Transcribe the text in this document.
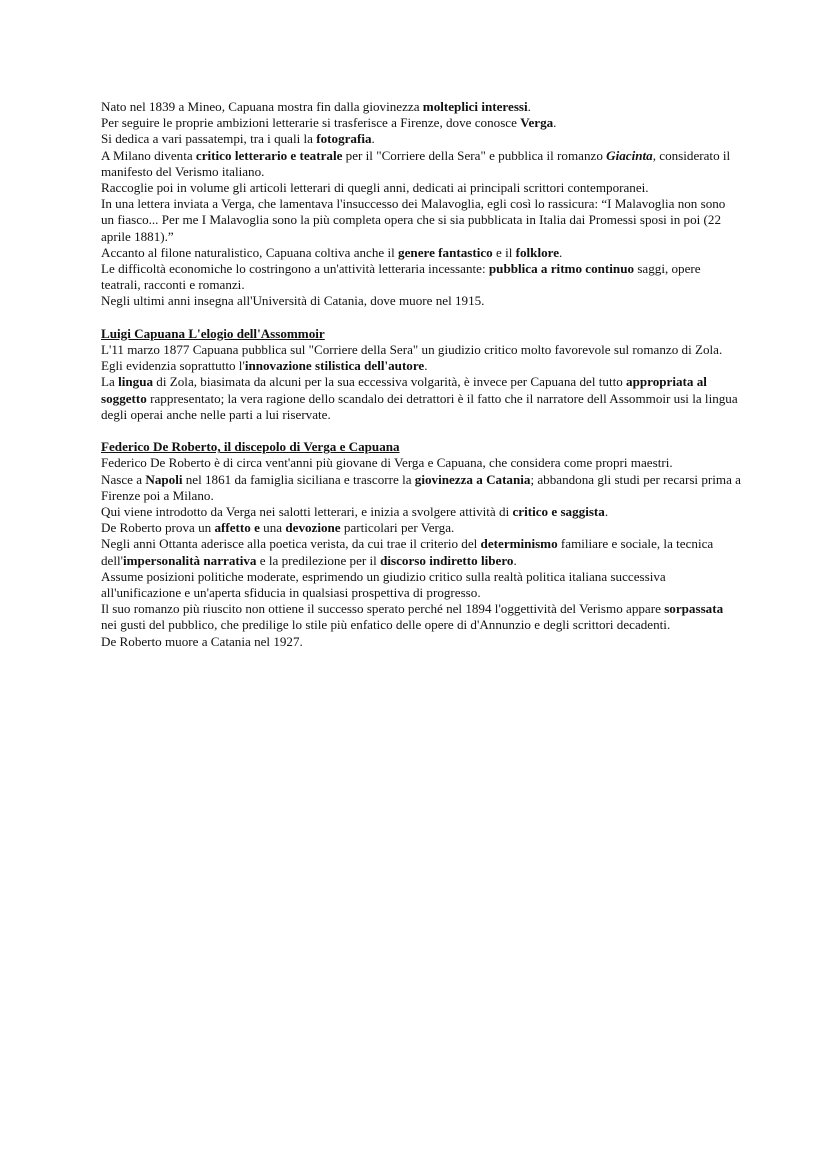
Nato nel 1839 a Mineo, Capuana mostra fin dalla giovinezza molteplici interessi.
Per seguire le proprie ambizioni letterarie si trasferisce a Firenze, dove conosce Verga.
Si dedica a vari passatempi, tra i quali la fotografia.
A Milano diventa critico letterario e teatrale per il "Corriere della Sera" e pubblica il romanzo Giacinta, considerato il manifesto del Verismo italiano.
Raccoglie poi in volume gli articoli letterari di quegli anni, dedicati ai principali scrittori contemporanei.
In una lettera inviata a Verga, che lamentava l'insuccesso dei Malavoglia, egli così lo rassicura: “I Malavoglia non sono un fiasco... Per me I Malavoglia sono la più completa opera che si sia pubblicata in Italia dai Promessi sposi in poi (22 aprile 1881).”
Accanto al filone naturalistico, Capuana coltiva anche il genere fantastico e il folklore.
Le difficoltà economiche lo costringono a un'attività letteraria incessante: pubblica a ritmo continuo saggi, opere teatrali, racconti e romanzi.
Negli ultimi anni insegna all'Università di Catania, dove muore nel 1915.
Luigi Capuana L'elogio dell'Assommoir
L'11 marzo 1877 Capuana pubblica sul "Corriere della Sera" un giudizio critico molto favorevole sul romanzo di Zola.
Egli evidenzia soprattutto l'innovazione stilistica dell'autore.
La lingua di Zola, biasimata da alcuni per la sua eccessiva volgarità, è invece per Capuana del tutto appropriata al soggetto rappresentato; la vera ragione dello scandalo dei detrattori è il fatto che il narratore dell Assommoir usi la lingua degli operai anche nelle parti a lui riservate.
Federico De Roberto, il discepolo di Verga e Capuana
Federico De Roberto è di circa vent'anni più giovane di Verga e Capuana, che considera come propri maestri.
Nasce a Napoli nel 1861 da famiglia siciliana e trascorre la giovinezza a Catania; abbandona gli studi per recarsi prima a Firenze poi a Milano.
Qui viene introdotto da Verga nei salotti letterari, e inizia a svolgere attività di critico e saggista.
De Roberto prova un affetto e una devozione particolari per Verga.
Negli anni Ottanta aderisce alla poetica verista, da cui trae il criterio del determinismo familiare e sociale, la tecnica dell'impersonalità narrativa e la predilezione per il discorso indiretto libero.
Assume posizioni politiche moderate, esprimendo un giudizio critico sulla realtà politica italiana successiva all'unificazione e un'aperta sfiducia in qualsiasi prospettiva di progresso.
Il suo romanzo più riuscito non ottiene il successo sperato perché nel 1894 l'oggettività del Verismo appare sorpassata nei gusti del pubblico, che predilige lo stile più enfatico delle opere di d'Annunzio e degli scrittori decadenti.
De Roberto muore a Catania nel 1927.
